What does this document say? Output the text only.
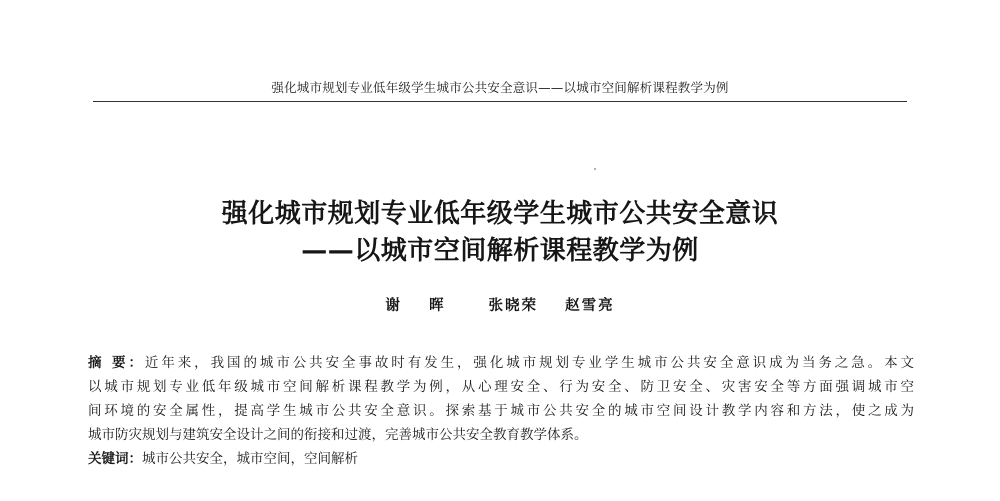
强化城市规划专业低年级学生城市公共安全意识——以城市空间解析课程教学为例
强化城市规划专业低年级学生城市公共安全意识
——以城市空间解析课程教学为例
谢 晖 张晓荣 赵雪亮
摘 要：近年来，我国的城市公共安全事故时有发生，强化城市规划专业学生城市公共安全意识成为当务之急。本文
以城市规划专业低年级城市空间解析课程教学为例，从心理安全、行为安全、防卫安全、灾害安全等方面强调城市空
间环境的安全属性，提高学生城市公共安全意识。探索基于城市公共安全的城市空间设计教学内容和方法，使之成为
城市防灾规划与建筑安全设计之间的衔接和过渡，完善城市公共安全教育教学体系。
关键词：城市公共安全，城市空间，空间解析
